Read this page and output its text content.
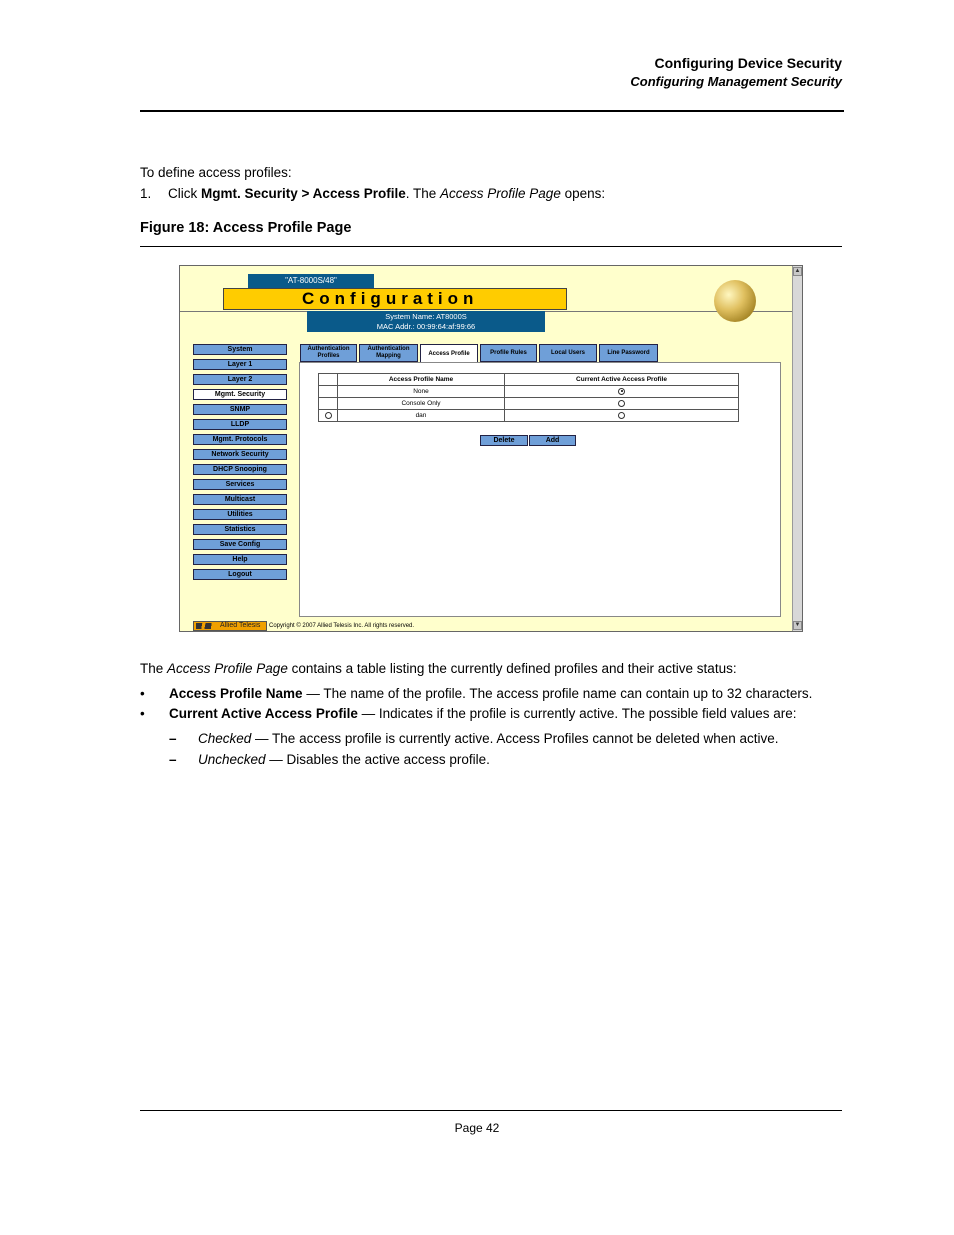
Configuring Device Security
Configuring Management Security
To define access profiles:
1. Click Mgmt. Security > Access Profile. The Access Profile Page opens:
Figure 18: Access Profile Page
"AT-8000S/48"
Configuration
System Name: AT8000S
MAC Addr.: 00:99:64:af:99:66
System
Layer 1
Layer 2
Mgmt. Security
SNMP
LLDP
Mgmt. Protocols
Network Security
DHCP Snooping
Services
Multicast
Utilities
Statistics
Save Config
Help
Logout
Authentication
Profiles
Authentication
Mapping	Access Profile	Profile Rules	Local Users	Line Password
	Access Profile Name	Current Active Access Profile
	None	
	Console Only	
	dan	
Delete	Add
Allied Telesis	Copyright © 2007 Allied Telesis Inc. All rights reserved.
▲
▼
The Access Profile Page contains a table listing the currently defined profiles and their active status:
• Access Profile Name — The name of the profile. The access profile name can contain up to 32 characters.
• Current Active Access Profile — Indicates if the profile is currently active. The possible field values are:
– Checked — The access profile is currently active. Access Profiles cannot be deleted when active.
– Unchecked — Disables the active access profile.
Page 42
